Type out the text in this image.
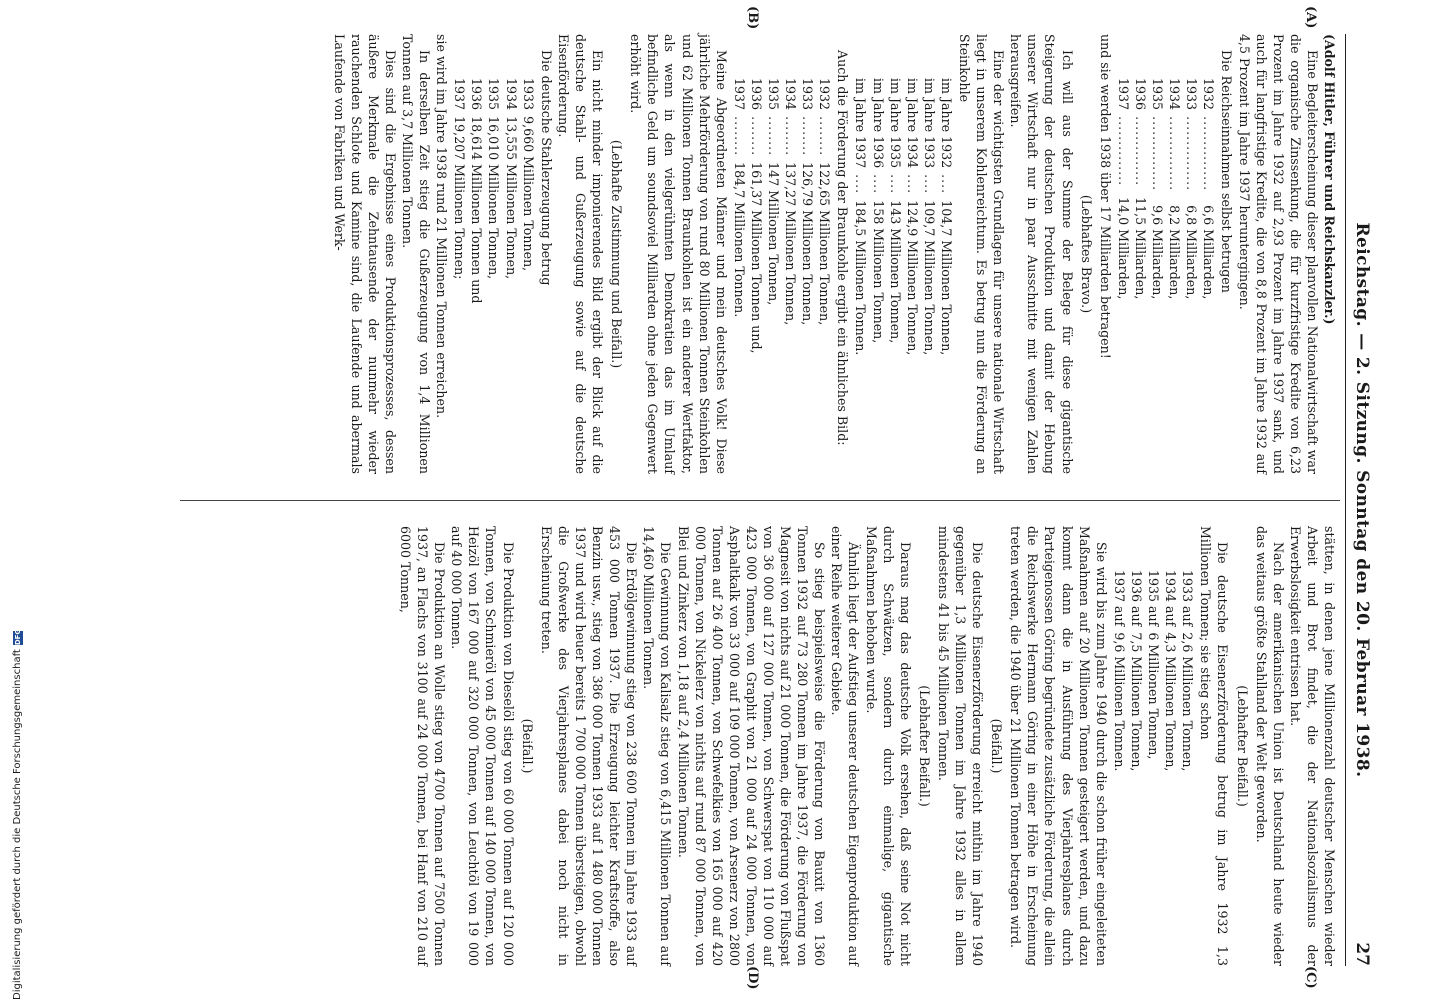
Reichstag. — 2. Sitzung. Sonntag den 20. Februar 1938.
27
(A)
(B)
(C)
(D)

(Adolf Hitler, Führer und Reichskanzler.)

Eine Begleiterscheinung dieser planvollen Nationalwirtschaft war die organische Zinssenkung, die für kurzfristige Kredite von 6,23 Prozent im Jahre 1932 auf 2,93 Prozent im Jahre 1937 sank, und auch für langfristige Kredite, die von 8,8 Prozent im Jahre 1932 auf 4,5 Prozent im Jahre 1937 heruntergingen.

Die Reichseinnahmen selbst betrugen

1932	...............	6,6 Milliarden,
1933	...............	6,8 Milliarden,
1934	...............	8,2 Milliarden,
1935	...............	9,6 Milliarden,
1936	..............	11,5 Milliarden,
1937	..............	14,0 Milliarden,

und sie werden 1938 über 17 Milliarden betragen!

(Lebhaftes Bravo.)

Ich will aus der Summe der Belege für diese gigantische Steigerung der deutschen Produktion und damit der Hebung unserer Wirtschaft nur in paar Ausschnitte mit wenigen Zahlen herausgreifen.

Eine der wichtigsten Grundlagen für unsere nationale Wirtschaft liegt in unserem Kohlenreichtum. Es betrug nun die Förderung an Steinkohle

im Jahre 1932	....	104,7 Millionen Tonnen,
im Jahre 1933	....	109,7 Millionen Tonnen,
im Jahre 1934	....	124,9 Millionen Tonnen,
im Jahre 1935	....	143 Millionen Tonnen,
im Jahre 1936	....	158 Millionen Tonnen,
im Jahre 1937	....	184,5 Millionen Tonnen.

Auch die Förderung der Braunkohle ergibt ein ähnliches Bild:

1932	........	122,65 Millionen Tonnen,
1933	........	126,79 Millionen Tonnen,
1934	........	137,27 Millionen Tonnen,
1935	........	147 Millionen Tonnen,
1936	........	161,37 Millionen Tonnen und,
1937	........	184,7 Millionen Tonnen.

Meine Abgeordneten Männer und mein deutsches Volk! Diese jährliche Mehrförderung von rund 80 Millionen Tonnen Steinkohlen und 62 Millionen Tonnen Braunkohlen ist ein anderer Wertfaktor, als wenn in den vielgerühmten Demokratien das im Umlauf befindliche Geld um soundsoviel Milliarden ohne jeden Gegenwert erhöht wird.

(Lebhafte Zustimmung und Beifall.)

Ein nicht minder imponierendes Bild ergibt der Blick auf die deutsche Stahl- und Gußerzeugung sowie auf die deutsche Eisenförderung.

Die deutsche Stahlerzeugung betrug

1933	9,660 Millionen Tonnen,
1934	13,555 Millionen Tonnen,
1935	16,010 Millionen Tonnen,
1936	18,614 Millionen Tonnen und
1937	19,207 Millionen Tonnen;

sie wird im Jahre 1938 rund 21 Millionen Tonnen erreichen.

In derselben Zeit stieg die Gußerzeugung von 1,4 Millionen Tonnen auf 3,7 Millionen Tonnen.

Dies sind die Ergebnisse eines Produktionsprozesses, dessen äußere Merkmale die Zehntausende der nunmehr wieder rauchenden Schlote und Kamine sind, die Laufende und abermals Laufende von Fabriken und Werk-

stätten, in denen jene Millionenzahl deutscher Menschen wieder Arbeit und Brot findet, die der Nationalsozialismus der Erwerbslosigkeit entrissen hat.

Nach der amerikanischen Union ist Deutschland heute wieder das weitaus größte Stahlland der Welt geworden.

(Lebhafter Beifall.)

Die deutsche Eisenerzförderung betrug im Jahre 1932 1,3 Millionen Tonnen; sie stieg schon

1933 auf	2,6 Millionen Tonnen,
1934 auf	4,3 Millionen Tonnen,
1935 auf	6 Millionen Tonnen,
1936 auf	7,5 Millionen Tonnen,
1937 auf	9,6 Millionen Tonnen.

Sie wird bis zum Jahre 1940 durch die schon früher eingeleiteten Maßnahmen auf 20 Millionen Tonnen gesteigert werden, und dazu kommt dann die in Ausführung des Vierjahresplanes durch Parteigenossen Göring begründete zusätzliche Förderung, die allein die Reichswerke Hermann Göring in einer Höhe in Erscheinung treten werden, die 1940 über 21 Millionen Tonnen betragen wird.

(Beifall.)

Die deutsche Eisenerzförderung erreicht mithin im Jahre 1940 gegenüber 1,3 Millionen Tonnen im Jahre 1932 alles in allem mindestens 41 bis 45 Millionen Tonnen.

(Lebhafter Beifall.)

Daraus mag das deutsche Volk ersehen, daß seine Not nicht durch Schwätzen, sondern durch einmalige, gigantische Maßnahmen behoben wurde.

Ähnlich liegt der Aufstieg unserer deutschen Eigenproduktion auf einer Reihe weiterer Gebiete.

So stieg beispielsweise die Förderung von Bauxit von 1360 Tonnen 1932 auf 73 280 Tonnen im Jahre 1937, die Förderung von Magnesit von nichts auf 21 000 Tonnen, die Förderung von Flußspat von 36 000 auf 127 000 Tonnen, von Schwerspat von 110 000 auf 423 000 Tonnen, von Graphit von 21 000 auf 24 000 Tonnen, von Asphaltkalk von 33 000 auf 109 000 Tonnen, von Arsenerz von 2800 Tonnen auf 26 400 Tonnen, von Schwefelkies von 165 000 auf 420 000 Tonnen, von Nickelerz von nichts auf rund 87 000 Tonnen, von Blei und Zinkerz von 1,18 auf 2,4 Millionen Tonnen.

Die Gewinnung von Kalisalz stieg von 6,415 Millionen Tonnen auf 14,460 Millionen Tonnen.

Die Erdölgewinnung stieg von 238 600 Tonnen im Jahre 1933 auf 453 000 Tonnen 1937. Die Erzeugung leichter Kraftstoffe, also Benzin usw., stieg von 386 000 Tonnen 1933 auf 1 480 000 Tonnen 1937 und wird heuer bereits 1 700 000 Tonnen übersteigen, obwohl die Großwerke des Vierjahresplanes dabei noch nicht in Erscheinung treten.

(Beifall.)

Die Produktion von Dieselöl stieg von 60 000 Tonnen auf 120 000 Tonnen, von Schmieröl von 45 000 Tonnen auf 140 000 Tonnen, von Heizöl von 167 000 auf 320 000 Tonnen, von Leuchtöl von 19 000 auf 40 000 Tonnen.

Die Produktion an Wolle stieg von 4700 Tonnen auf 7500 Tonnen 1937, an Flachs von 3100 auf 24 000 Tonnen, bei Hanf von 210 auf 6000 Tonnen,

Digitalisierung gefördert durch die Deutsche Forschungsgemeinschaft
DFG
